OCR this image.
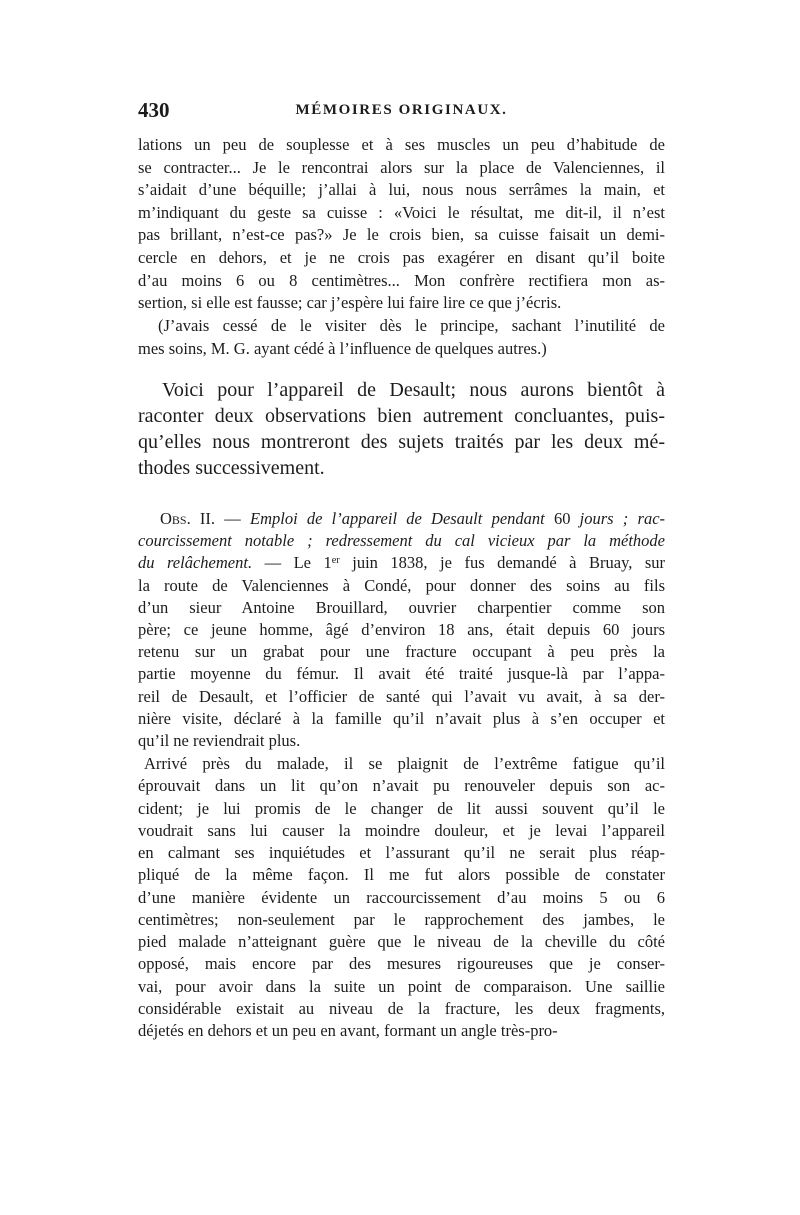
430	MÉMOIRES ORIGINAUX.
lations un peu de souplesse et à ses muscles un peu d’habitude de
se contracter... Je le rencontrai alors sur la place de Valenciennes, il
s’aidait d’une béquille; j’allai à lui, nous nous serrâmes la main, et
m’indiquant du geste sa cuisse : «Voici le résultat, me dit-il, il n’est
pas brillant, n’est-ce pas?» Je le crois bien, sa cuisse faisait un demi-
cercle en dehors, et je ne crois pas exagérer en disant qu’il boite
d’au moins 6 ou 8 centimètres... Mon confrère rectifiera mon as-
sertion, si elle est fausse; car j’espère lui faire lire ce que j’écris.
(J’avais cessé de le visiter dès le principe, sachant l’inutilité de
mes soins, M. G. ayant cédé à l’influence de quelques autres.)
Voici pour l’appareil de Desault; nous aurons bientôt à
raconter deux observations bien autrement concluantes, puis-
qu’elles nous montreront des sujets traités par les deux mé-
thodes successivement.
Obs. II. — Emploi de l’appareil de Desault pendant 60 jours ; rac-
courcissement notable ; redressement du cal vicieux par la méthode
du relâchement. — Le 1er juin 1838, je fus demandé à Bruay, sur
la route de Valenciennes à Condé, pour donner des soins au fils
d’un sieur Antoine Brouillard, ouvrier charpentier comme son
père; ce jeune homme, âgé d’environ 18 ans, était depuis 60 jours
retenu sur un grabat pour une fracture occupant à peu près la
partie moyenne du fémur. Il avait été traité jusque-là par l’appa-
reil de Desault, et l’officier de santé qui l’avait vu avait, à sa der-
nière visite, déclaré à la famille qu’il n’avait plus à s’en occuper et
qu’il ne reviendrait plus.
Arrivé près du malade, il se plaignit de l’extrême fatigue qu’il
éprouvait dans un lit qu’on n’avait pu renouveler depuis son ac-
cident; je lui promis de le changer de lit aussi souvent qu’il le
voudrait sans lui causer la moindre douleur, et je levai l’appareil
en calmant ses inquiétudes et l’assurant qu’il ne serait plus réap-
pliqué de la même façon. Il me fut alors possible de constater
d’une manière évidente un raccourcissement d’au moins 5 ou 6
centimètres; non-seulement par le rapprochement des jambes, le
pied malade n’atteignant guère que le niveau de la cheville du côté
opposé, mais encore par des mesures rigoureuses que je conser-
vai, pour avoir dans la suite un point de comparaison. Une saillie
considérable existait au niveau de la fracture, les deux fragments,
déjetés en dehors et un peu en avant, formant un angle très-pro-
